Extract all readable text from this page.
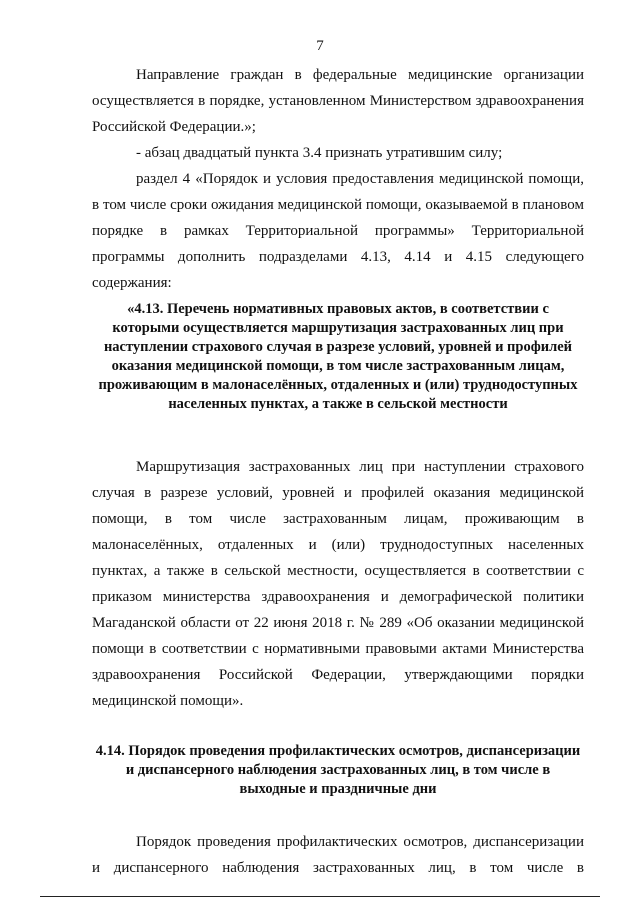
7

Направление граждан в федеральные медицинские организации осуществляется в порядке, установленном Министерством здравоохранения Российской Федерации.»;

- абзац двадцатый пункта 3.4 признать утратившим силу;

раздел 4 «Порядок и условия предоставления медицинской помощи, в том числе сроки ожидания медицинской помощи, оказываемой в плановом порядке в рамках Территориальной программы» Территориальной программы дополнить подразделами 4.13, 4.14 и 4.15 следующего содержания:

«4.13. Перечень нормативных правовых актов, в соответствии с которыми осуществляется маршрутизация застрахованных лиц при наступлении страхового случая в разрезе условий, уровней и профилей оказания медицинской помощи, в том числе застрахованным лицам, проживающим в малонаселённых, отдаленных и (или) труднодоступных населенных пунктах, а также в сельской местности

Маршрутизация застрахованных лиц при наступлении страхового случая в разрезе условий, уровней и профилей оказания медицинской помощи, в том числе застрахованным лицам, проживающим в малонаселённых, отдаленных и (или) труднодоступных населенных пунктах, а также в сельской местности, осуществляется в соответствии с приказом министерства здравоохранения и демографической политики Магаданской области от 22 июня 2018 г. № 289 «Об оказании медицинской помощи в соответствии с нормативными правовыми актами Министерства здравоохранения Российской Федерации, утверждающими порядки медицинской помощи».

4.14. Порядок проведения профилактических осмотров, диспансеризации и диспансерного наблюдения застрахованных лиц, в том числе в выходные и праздничные дни

Порядок проведения профилактических осмотров, диспансеризации и диспансерного наблюдения застрахованных лиц, в том числе в
